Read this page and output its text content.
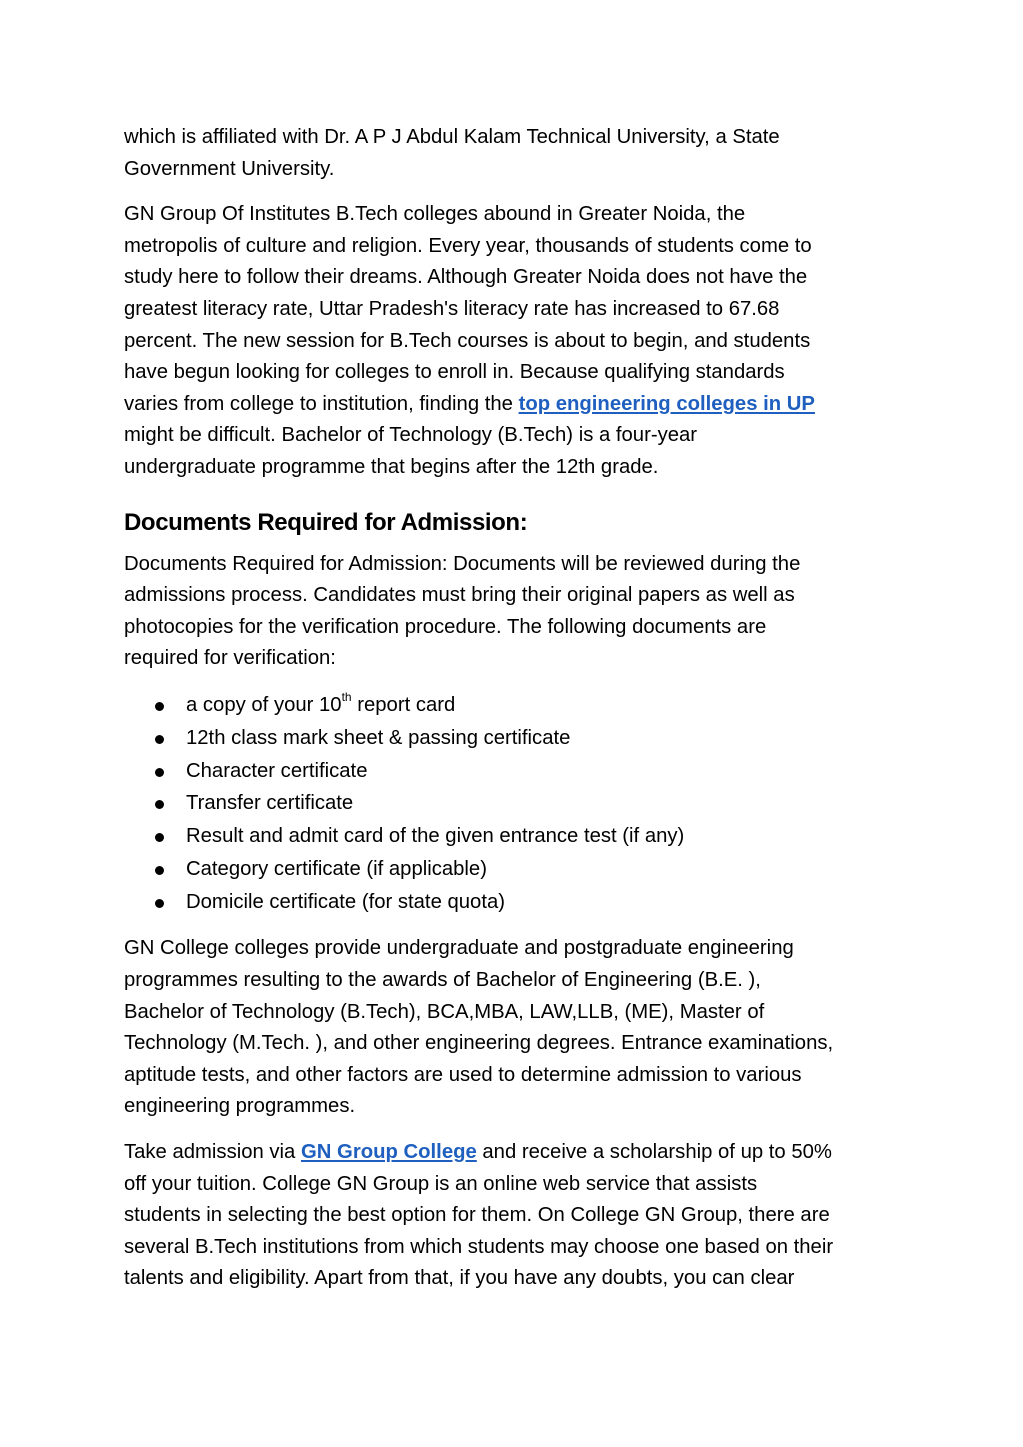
which is affiliated with Dr. A P J Abdul Kalam Technical University, a State
Government University.

GN Group Of Institutes B.Tech colleges abound in Greater Noida, the
metropolis of culture and religion. Every year, thousands of students come to
study here to follow their dreams. Although Greater Noida does not have the
greatest literacy rate, Uttar Pradesh's literacy rate has increased to 67.68
percent. The new session for B.Tech courses is about to begin, and students
have begun looking for colleges to enroll in. Because qualifying standards
varies from college to institution, finding the top engineering colleges in UP
might be difficult. Bachelor of Technology (B.Tech) is a four-year
undergraduate programme that begins after the 12th grade.

Documents Required for Admission:

Documents Required for Admission: Documents will be reviewed during the
admissions process. Candidates must bring their original papers as well as
photocopies for the verification procedure. The following documents are
required for verification:

a copy of your 10th report card
12th class mark sheet & passing certificate
Character certificate
Transfer certificate
Result and admit card of the given entrance test (if any)
Category certificate (if applicable)
Domicile certificate (for state quota)

GN College colleges provide undergraduate and postgraduate engineering
programmes resulting to the awards of Bachelor of Engineering (B.E. ),
Bachelor of Technology (B.Tech), BCA,MBA, LAW,LLB, (ME), Master of
Technology (M.Tech. ), and other engineering degrees. Entrance examinations,
aptitude tests, and other factors are used to determine admission to various
engineering programmes.

Take admission via GN Group College and receive a scholarship of up to 50%
off your tuition. College GN Group is an online web service that assists
students in selecting the best option for them. On College GN Group, there are
several B.Tech institutions from which students may choose one based on their
talents and eligibility. Apart from that, if you have any doubts, you can clear
